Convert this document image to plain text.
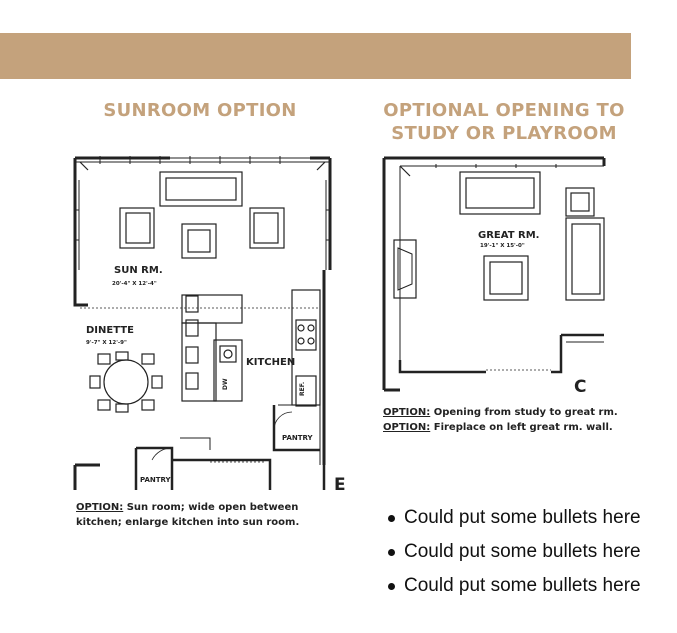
SUNROOM OPTION	OPTIONAL OPENING TO
STUDY OR PLAYROOM
SUN RM.
20'-4" X 12'-4"
DINETTE
9'-7" X 12'-9"
KITCHEN
REF.
DW
PANTRY
PANTRY	E
GREAT RM.
19'-1" X 15'-0"
C
OPTION: Sun room; wide open between
kitchen; enlarge kitchen into sun room.
OPTION: Opening from study to great rm.
OPTION: Fireplace on left great rm. wall.
Could put some bullets here
Could put some bullets here
Could put some bullets here
